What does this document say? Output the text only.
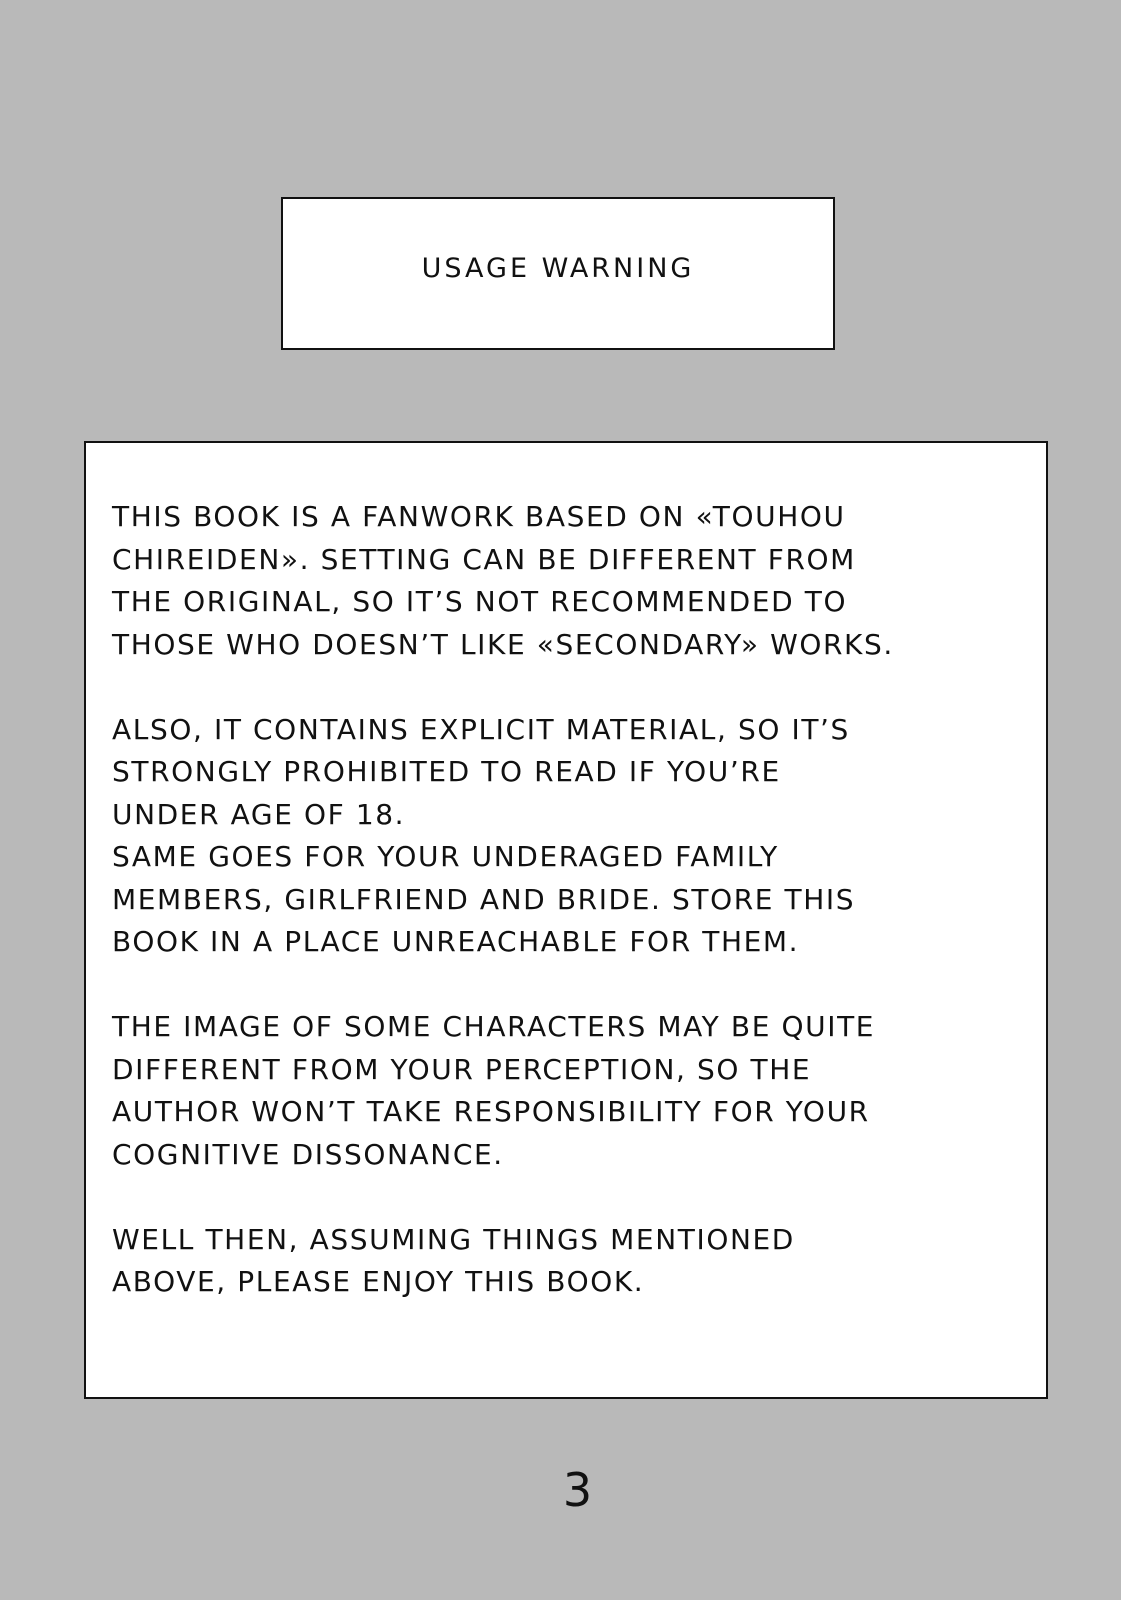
USAGE WARNING

THIS BOOK IS A FANWORK BASED ON «TOUHOU
CHIREIDEN». SETTING CAN BE DIFFERENT FROM
THE ORIGINAL, SO IT’S NOT RECOMMENDED TO
THOSE WHO DOESN’T LIKE «SECONDARY» WORKS.

ALSO, IT CONTAINS EXPLICIT MATERIAL, SO IT’S
STRONGLY PROHIBITED TO READ IF YOU’RE
UNDER AGE OF 18.
SAME GOES FOR YOUR UNDERAGED FAMILY
MEMBERS, GIRLFRIEND AND BRIDE. STORE THIS
BOOK IN A PLACE UNREACHABLE FOR THEM.

THE IMAGE OF SOME CHARACTERS MAY BE QUITE
DIFFERENT FROM YOUR PERCEPTION, SO THE
AUTHOR WON’T TAKE RESPONSIBILITY FOR YOUR
COGNITIVE DISSONANCE.

WELL THEN, ASSUMING THINGS MENTIONED
ABOVE, PLEASE ENJOY THIS BOOK.

3
